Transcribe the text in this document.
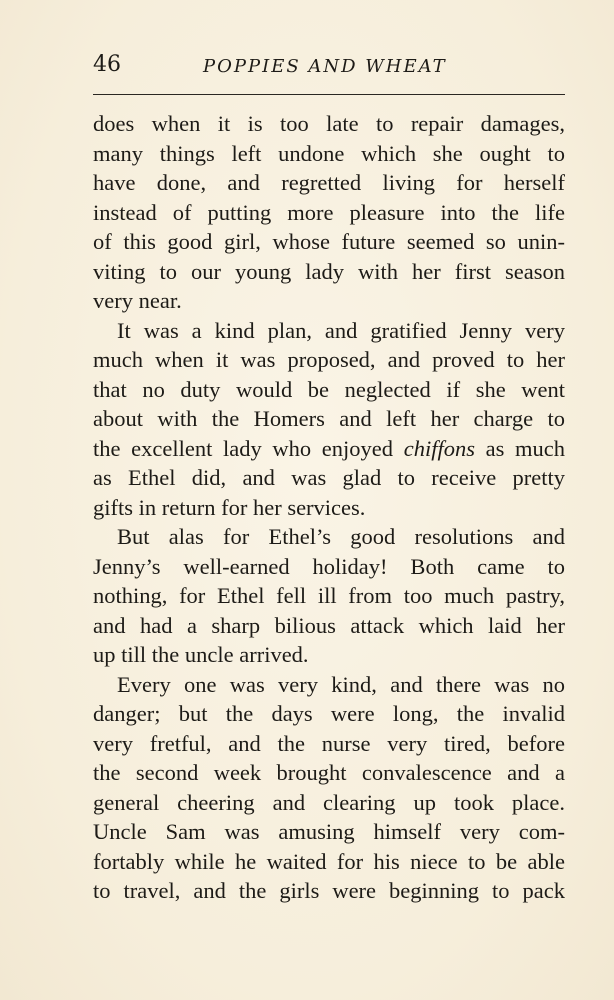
46	POPPIES AND WHEAT
does when it is too late to repair damages,
many things left undone which she ought to
have done, and regretted living for herself
instead of putting more pleasure into the life
of this good girl, whose future seemed so unin-
viting to our young lady with her first season
very near.
It was a kind plan, and gratified Jenny very
much when it was proposed, and proved to her
that no duty would be neglected if she went
about with the Homers and left her charge to
the excellent lady who enjoyed chiffons as much
as Ethel did, and was glad to receive pretty
gifts in return for her services.
But alas for Ethel’s good resolutions and
Jenny’s well-earned holiday! Both came to
nothing, for Ethel fell ill from too much pastry,
and had a sharp bilious attack which laid her
up till the uncle arrived.
Every one was very kind, and there was no
danger; but the days were long, the invalid
very fretful, and the nurse very tired, before
the second week brought convalescence and a
general cheering and clearing up took place.
Uncle Sam was amusing himself very com-
fortably while he waited for his niece to be able
to travel, and the girls were beginning to pack
